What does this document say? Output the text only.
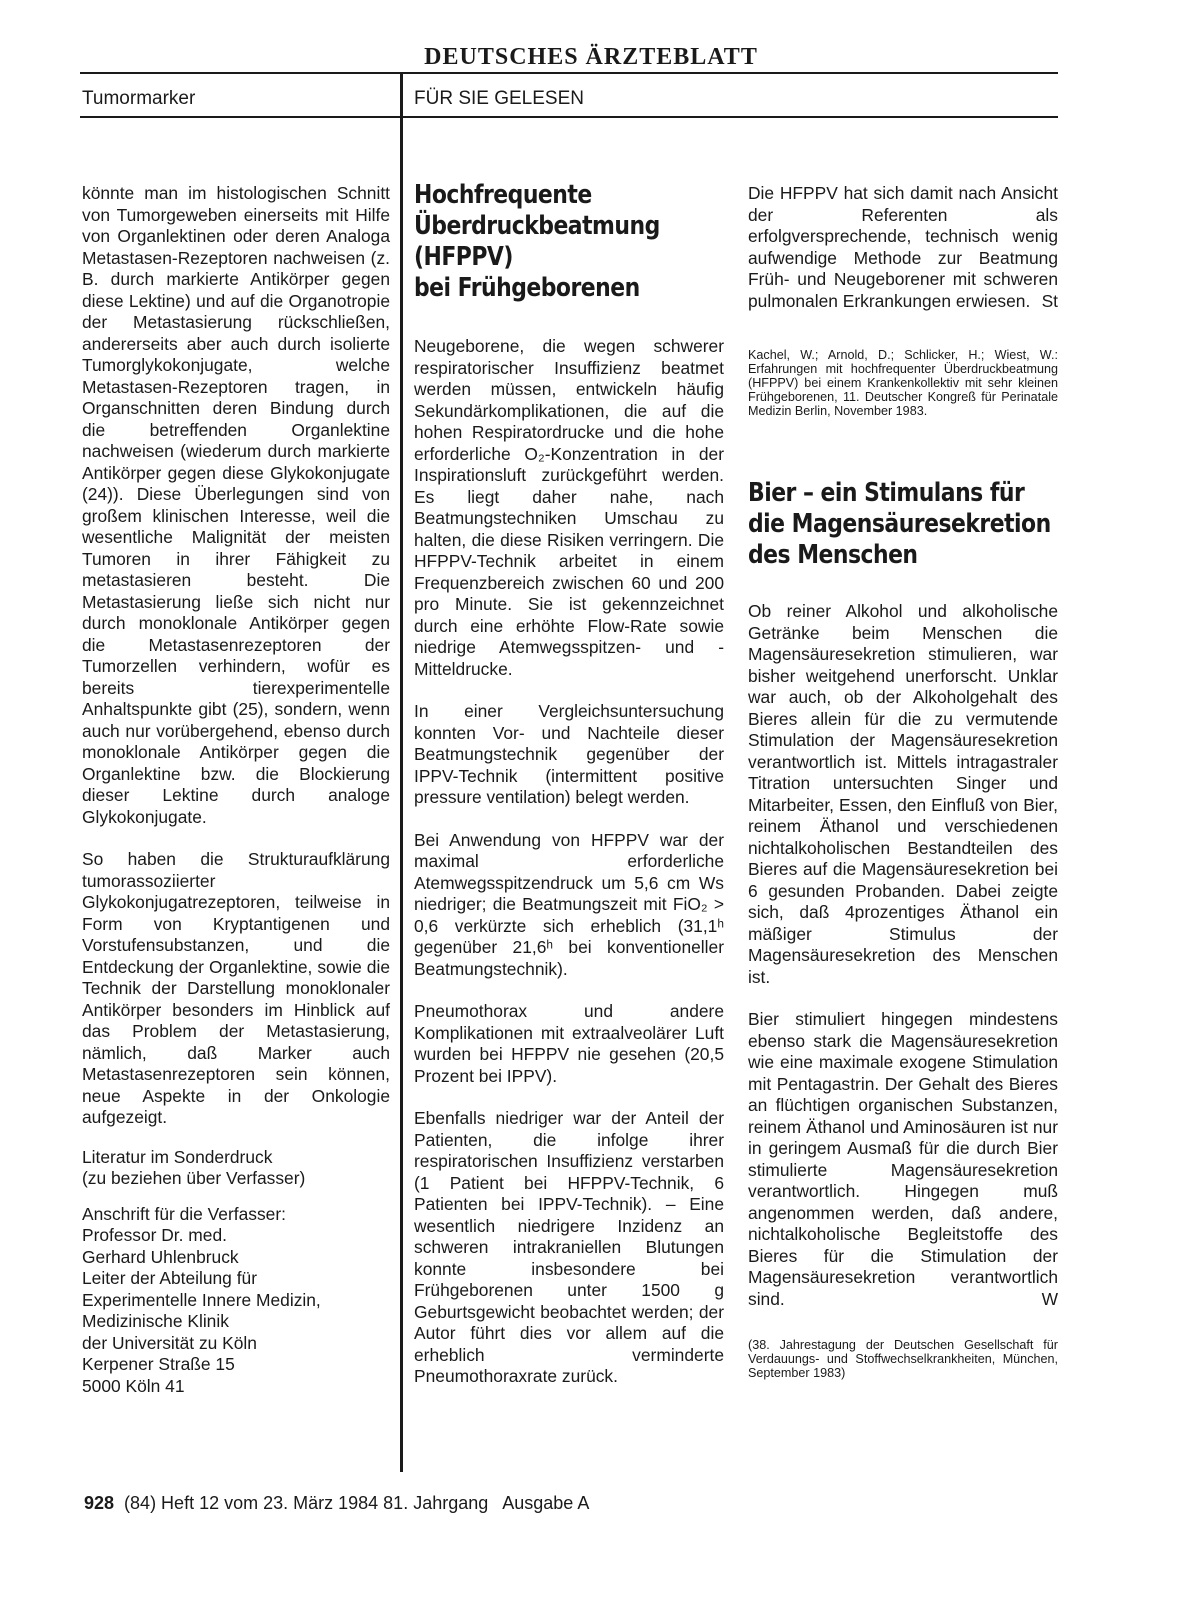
DEUTSCHES ÄRZTEBLATT
Tumormarker	FÜR SIE GELESEN

könnte man im histologischen Schnitt von Tumorgeweben einerseits mit Hilfe von Organlektinen oder deren Analoga Metastasen-Rezeptoren nachweisen (z. B. durch markierte Antikörper gegen diese Lektine) und auf die Organotropie der Metastasierung rückschließen, andererseits aber auch durch isolierte Tumorglykokonjugate, welche Metastasen-Rezeptoren tragen, in Organschnitten deren Bindung durch die betreffenden Organlektine nachweisen (wiederum durch markierte Antikörper gegen diese Glykokonjugate (24)). Diese Überlegungen sind von großem klinischen Interesse, weil die wesentliche Malignität der meisten Tumoren in ihrer Fähigkeit zu metastasieren besteht. Die Metastasierung ließe sich nicht nur durch monoklonale Antikörper gegen die Metastasenrezeptoren der Tumorzellen verhindern, wofür es bereits tierexperimentelle Anhaltspunkte gibt (25), sondern, wenn auch nur vorübergehend, ebenso durch monoklonale Antikörper gegen die Organlektine bzw. die Blockierung dieser Lektine durch analoge Glykokonjugate.

So haben die Strukturaufklärung tumorassoziierter Glykokonjugatrezeptoren, teilweise in Form von Kryptantigenen und Vorstufensubstanzen, und die Entdeckung der Organlektine, sowie die Technik der Darstellung monoklonaler Antikörper besonders im Hinblick auf das Problem der Metastasierung, nämlich, daß Marker auch Metastasenrezeptoren sein können, neue Aspekte in der Onkologie aufgezeigt.

Literatur im Sonderdruck
(zu beziehen über Verfasser)

Anschrift für die Verfasser:
Professor Dr. med.
Gerhard Uhlenbruck
Leiter der Abteilung für
Experimentelle Innere Medizin,
Medizinische Klinik
der Universität zu Köln
Kerpener Straße 15
5000 Köln 41

Hochfrequente
Überdruckbeatmung
(HFPPV)
bei Frühgeborenen

Neugeborene, die wegen schwerer respiratorischer Insuffizienz beatmet werden müssen, entwickeln häufig Sekundärkomplikationen, die auf die hohen Respiratordrucke und die hohe erforderliche O₂-Konzentration in der Inspirationsluft zurückgeführt werden. Es liegt daher nahe, nach Beatmungstechniken Umschau zu halten, die diese Risiken verringern. Die HFPPV-Technik arbeitet in einem Frequenzbereich zwischen 60 und 200 pro Minute. Sie ist gekennzeichnet durch eine erhöhte Flow-Rate sowie niedrige Atemwegsspitzen- und -Mitteldrucke.

In einer Vergleichsuntersuchung konnten Vor- und Nachteile dieser Beatmungstechnik gegenüber der IPPV-Technik (intermittent positive pressure ventilation) belegt werden.

Bei Anwendung von HFPPV war der maximal erforderliche Atemwegsspitzendruck um 5,6 cm Ws niedriger; die Beatmungszeit mit FiO₂ > 0,6 verkürzte sich erheblich (31,1ʰ gegenüber 21,6ʰ bei konventioneller Beatmungstechnik).

Pneumothorax und andere Komplikationen mit extraalveolärer Luft wurden bei HFPPV nie gesehen (20,5 Prozent bei IPPV).

Ebenfalls niedriger war der Anteil der Patienten, die infolge ihrer respiratorischen Insuffizienz verstarben (1 Patient bei HFPPV-Technik, 6 Patienten bei IPPV-Technik). – Eine wesentlich niedrigere Inzidenz an schweren intrakraniellen Blutungen konnte insbesondere bei Frühgeborenen unter 1500 g Geburtsgewicht beobachtet werden; der Autor führt dies vor allem auf die erheblich verminderte Pneumothoraxrate zurück.

Die HFPPV hat sich damit nach Ansicht der Referenten als erfolgversprechende, technisch wenig aufwendige Methode zur Beatmung Früh- und Neugeborener mit schweren pulmonalen Erkrankungen erwiesen. St

Kachel, W.; Arnold, D.; Schlicker, H.; Wiest, W.: Erfahrungen mit hochfrequenter Überdruckbeatmung (HFPPV) bei einem Krankenkollektiv mit sehr kleinen Frühgeborenen, 11. Deutscher Kongreß für Perinatale Medizin Berlin, November 1983.

Bier – ein Stimulans für
die Magensäuresekretion
des Menschen

Ob reiner Alkohol und alkoholische Getränke beim Menschen die Magensäuresekretion stimulieren, war bisher weitgehend unerforscht. Unklar war auch, ob der Alkoholgehalt des Bieres allein für die zu vermutende Stimulation der Magensäuresekretion verantwortlich ist. Mittels intragastraler Titration untersuchten Singer und Mitarbeiter, Essen, den Einfluß von Bier, reinem Äthanol und verschiedenen nichtalkoholischen Bestandteilen des Bieres auf die Magensäuresekretion bei 6 gesunden Probanden. Dabei zeigte sich, daß 4prozentiges Äthanol ein mäßiger Stimulus der Magensäuresekretion des Menschen ist.

Bier stimuliert hingegen mindestens ebenso stark die Magensäuresekretion wie eine maximale exogene Stimulation mit Pentagastrin. Der Gehalt des Bieres an flüchtigen organischen Substanzen, reinem Äthanol und Aminosäuren ist nur in geringem Ausmaß für die durch Bier stimulierte Magensäuresekretion verantwortlich. Hingegen muß angenommen werden, daß andere, nichtalkoholische Begleitstoffe des Bieres für die Stimulation der Magensäuresekretion verantwortlich sind.	W

(38. Jahrestagung der Deutschen Gesellschaft für Verdauungs- und Stoffwechselkrankheiten, München, September 1983)

928 (84) Heft 12 vom 23. März 1984 81. Jahrgang   Ausgabe A
